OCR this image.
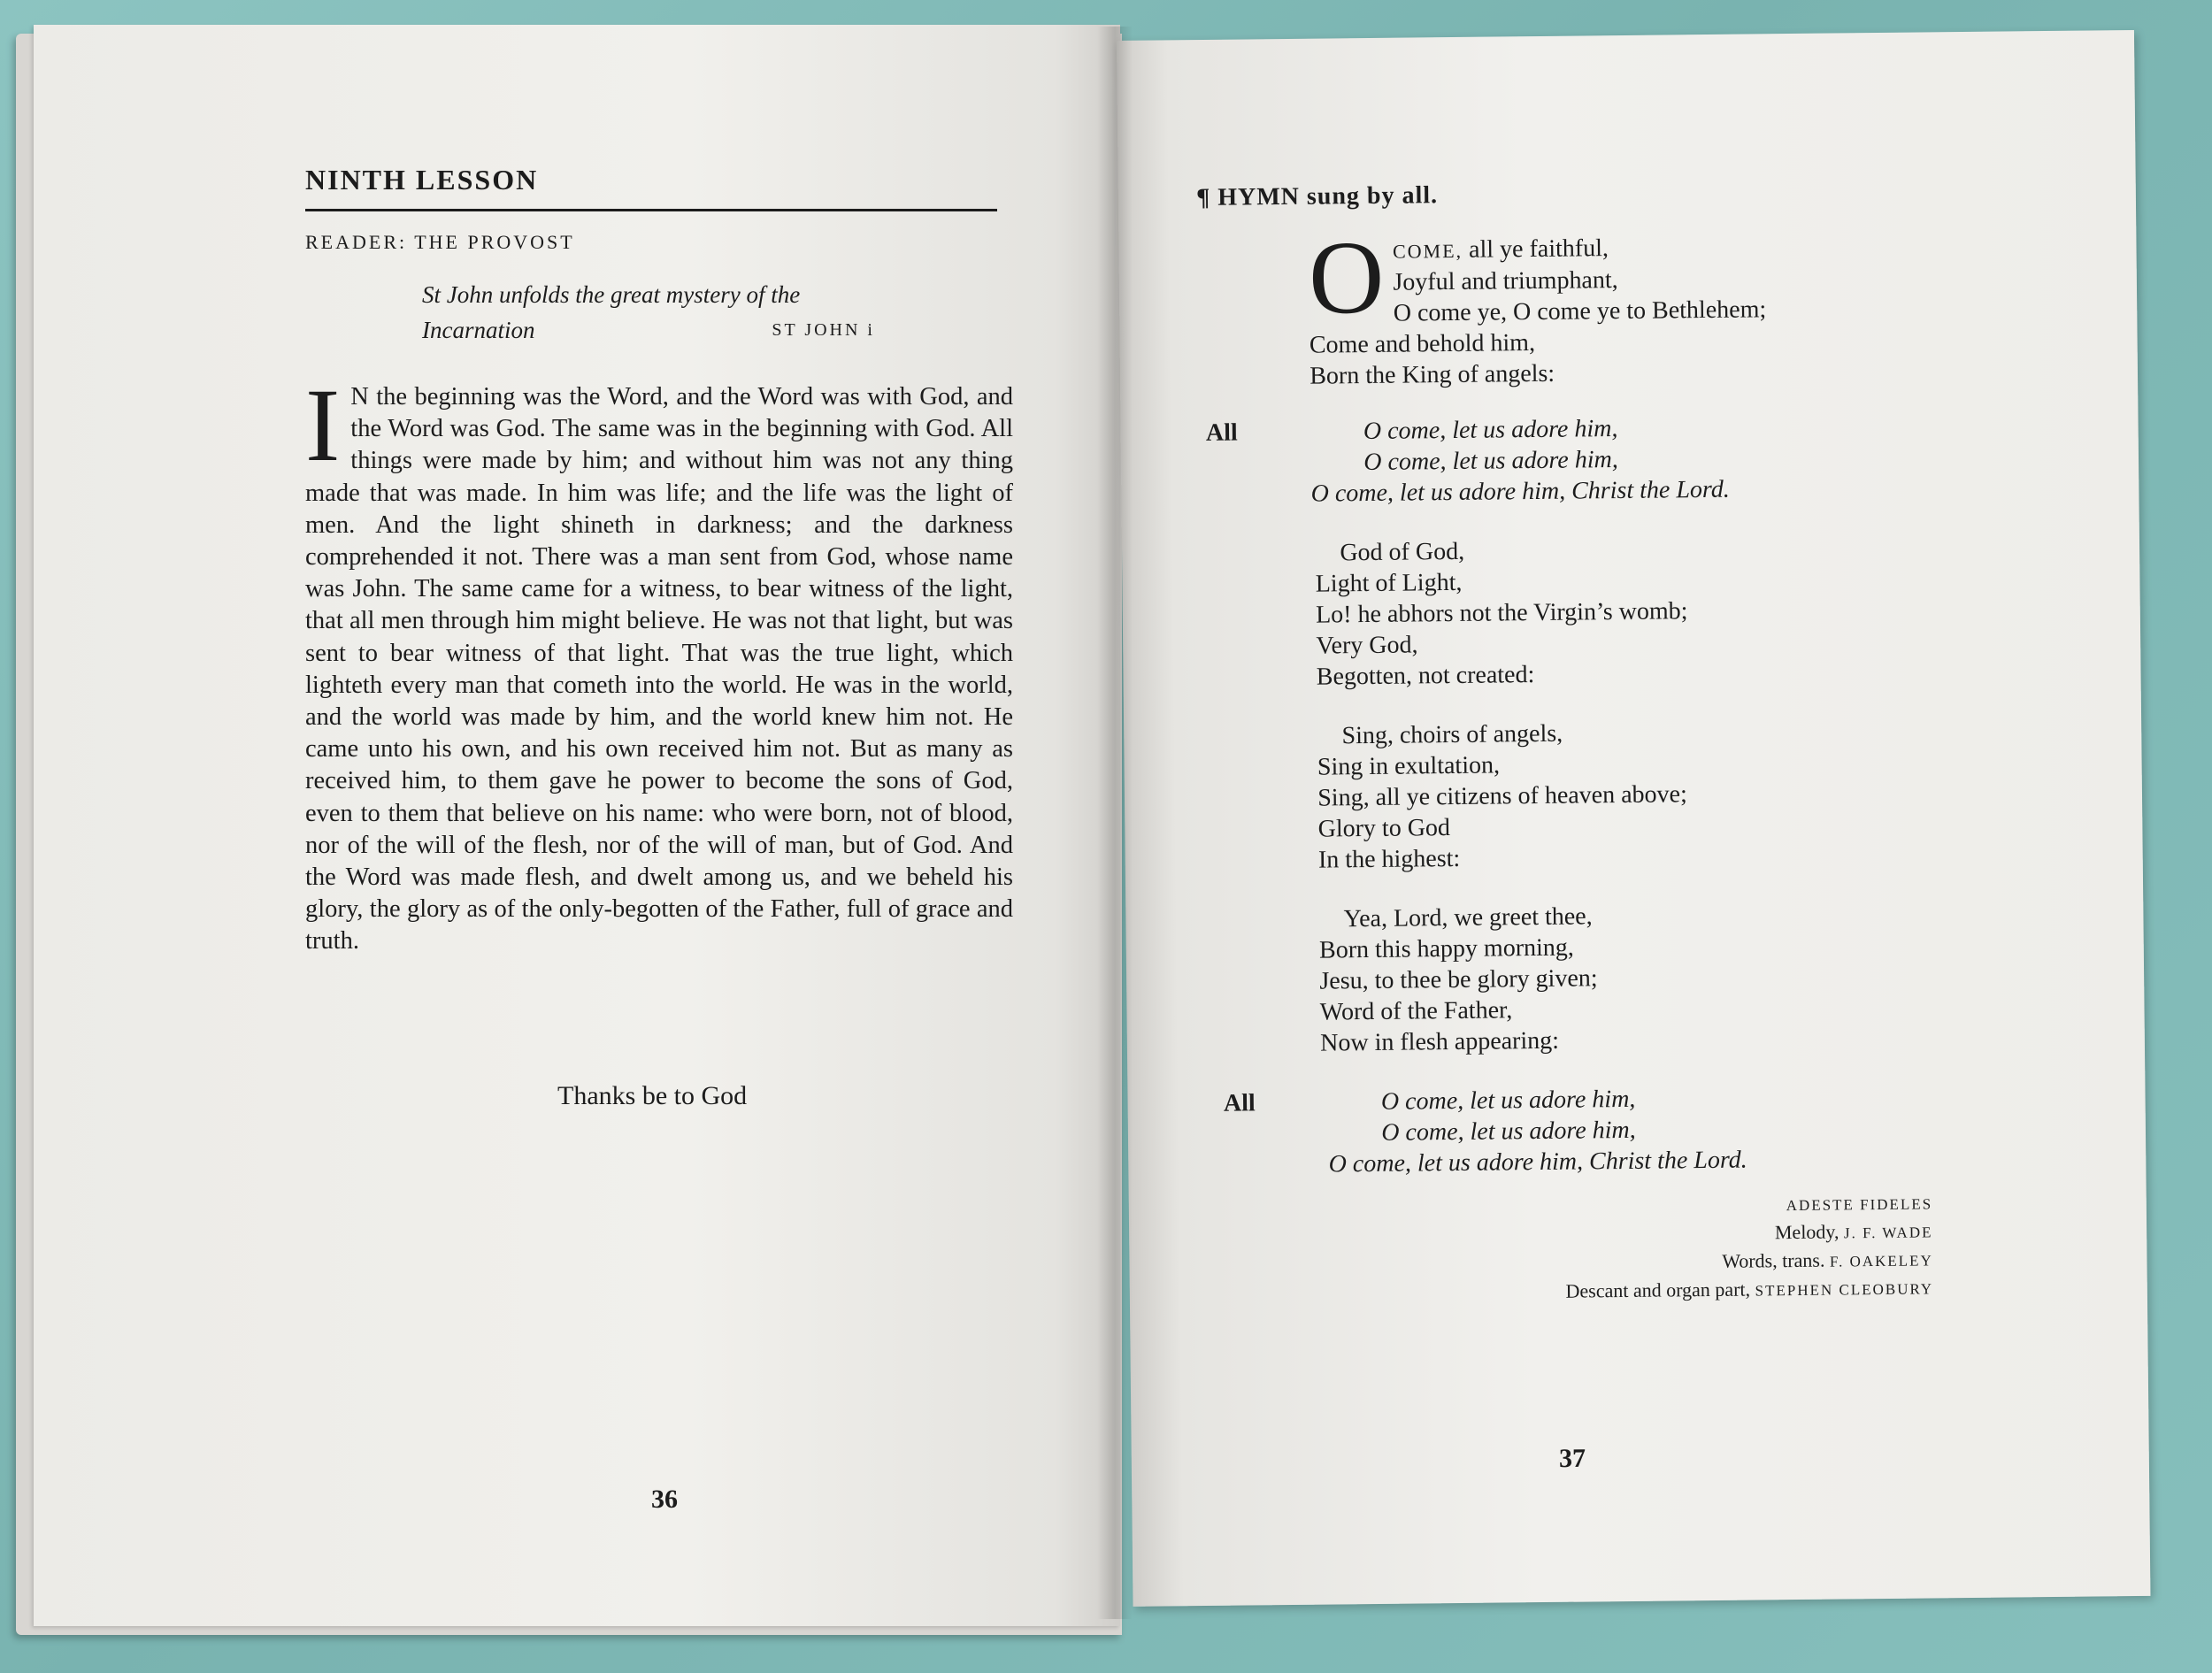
NINTH LESSON
READER: THE PROVOST
St John unfolds the great mystery of the Incarnation	ST JOHN i
I N the beginning was the Word, and the Word was with God, and the Word was God. The same was in the beginning with God. All things were made by him; and without him was not any thing made that was made. In him was life; and the life was the light of men. And the light shineth in darkness; and the darkness comprehended it not. There was a man sent from God, whose name was John. The same came for a witness, to bear witness of the light, that all men through him might believe. He was not that light, but was sent to bear witness of that light. That was the true light, which lighteth every man that cometh into the world. He was in the world, and the world was made by him, and the world knew him not. He came unto his own, and his own received him not. But as many as received him, to them gave he power to become the sons of God, even to them that believe on his name: who were born, not of blood, nor of the will of the flesh, nor of the will of man, but of God. And the Word was made flesh, and dwelt among us, and we beheld his glory, the glory as of the only-begotten of the Father, full of grace and truth.
Thanks be to God
36
¶ HYMN sung by all.
O COME, all ye faithful,
Joyful and triumphant,
O come ye, O come ye to Bethlehem;
Come and behold him,
Born the King of angels:
All	O come, let us adore him,
O come, let us adore him,
O come, let us adore him, Christ the Lord.
God of God,
Light of Light,
Lo! he abhors not the Virgin’s womb;
Very God,
Begotten, not created:
Sing, choirs of angels,
Sing in exultation,
Sing, all ye citizens of heaven above;
Glory to God
In the highest:
Yea, Lord, we greet thee,
Born this happy morning,
Jesu, to thee be glory given;
Word of the Father,
Now in flesh appearing:
All	O come, let us adore him,
O come, let us adore him,
O come, let us adore him, Christ the Lord.
ADESTE FIDELES
Melody, J. F. WADE
Words, trans. F. OAKELEY
Descant and organ part, STEPHEN CLEOBURY
37
